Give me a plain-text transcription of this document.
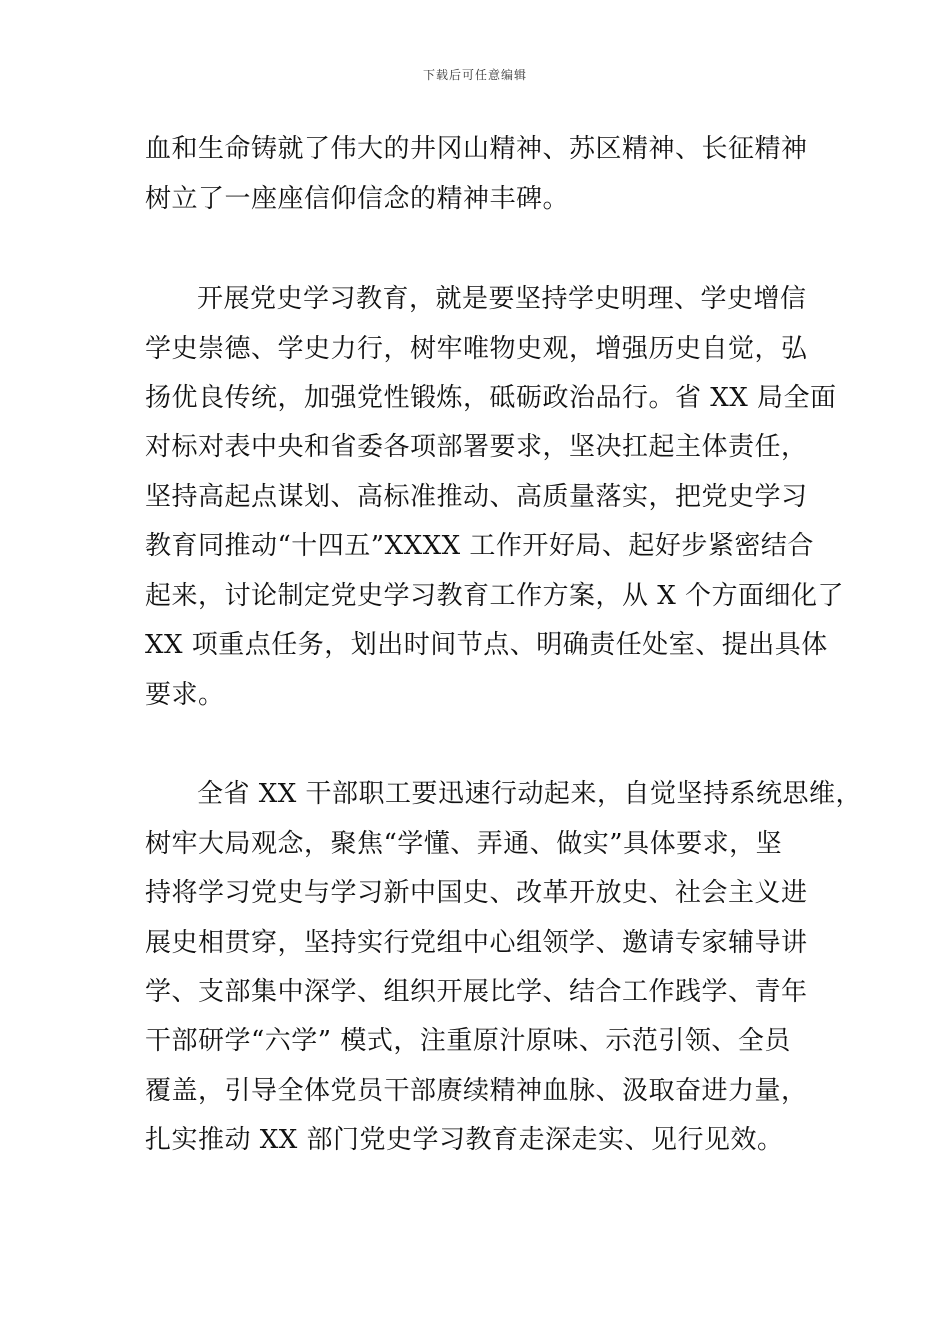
下载后可任意编辑
血和生命铸就了伟大的井冈山精神、苏区精神、长征精神
树立了一座座信仰信念的精神丰碑。
开展党史学习教育，就是要坚持学史明理、学史增信
学史崇德、学史力行，树牢唯物史观，增强历史自觉，弘
扬优良传统，加强党性锻炼，砥砺政治品行。省 XX 局全面
对标对表中央和省委各项部署要求，坚决扛起主体责任，
坚持高起点谋划、高标准推动、高质量落实，把党史学习
教育同推动“十四五”XXXX 工作开好局、起好步紧密结合
起来，讨论制定党史学习教育工作方案，从 X 个方面细化了
XX 项重点任务，划出时间节点、明确责任处室、提出具体
要求。
全省 XX 干部职工要迅速行动起来，自觉坚持系统思维，
树牢大局观念，聚焦“学懂、弄通、做实”具体要求，坚
持将学习党史与学习新中国史、改革开放史、社会主义进
展史相贯穿，坚持实行党组中心组领学、邀请专家辅导讲
学、支部集中深学、组织开展比学、结合工作践学、青年
干部研学“六学” 模式，注重原汁原味、示范引领、全员
覆盖，引导全体党员干部赓续精神血脉、汲取奋进力量，
扎实推动 XX 部门党史学习教育走深走实、见行见效。
